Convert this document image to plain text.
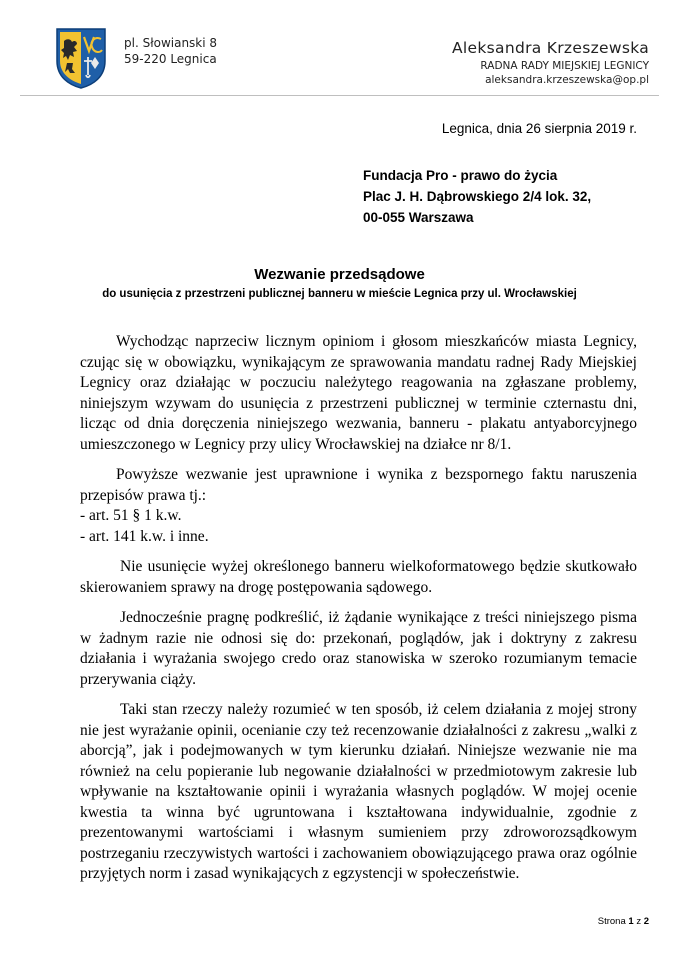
pl. Słowianski 8
59-220 Legnica
Aleksandra Krzeszewska
RADNA RADY MIEJSKIEJ LEGNICY
aleksandra.krzeszewska@op.pl
Legnica, dnia 26 sierpnia 2019 r.
Fundacja Pro - prawo do życia
Plac J. H. Dąbrowskiego 2/4 lok. 32,
00-055 Warszawa
Wezwanie przedsądowe
do usunięcia z przestrzeni publicznej banneru w mieście Legnica przy ul. Wrocławskiej

Wychodząc naprzeciw licznym opiniom i głosom mieszkańców miasta Legnicy, czując się w obowiązku, wynikającym ze sprawowania mandatu radnej Rady Miejskiej Legnicy oraz działając w poczuciu należytego reagowania na zgłaszane problemy, niniejszym wzywam do usunięcia z przestrzeni publicznej w terminie czternastu dni, licząc od dnia doręczenia niniejszego wezwania, banneru - plakatu antyaborcyjnego umieszczonego w Legnicy przy ulicy Wrocławskiej na działce nr 8/1.

Powyższe wezwanie jest uprawnione i wynika z bezspornego faktu naruszenia przepisów prawa tj.:

- art. 51 § 1 k.w.
- art. 141 k.w. i inne.

Nie usunięcie wyżej określonego banneru wielkoformatowego będzie skutkowało skierowaniem sprawy na drogę postępowania sądowego.

Jednocześnie pragnę podkreślić, iż żądanie wynikające z treści niniejszego pisma w żadnym razie nie odnosi się do: przekonań, poglądów, jak i doktryny z zakresu działania i wyrażania swojego credo oraz stanowiska w szeroko rozumianym temacie przerywania ciąży.

Taki stan rzeczy należy rozumieć w ten sposób, iż celem działania z mojej strony nie jest wyrażanie opinii, ocenianie czy też recenzowanie działalności z zakresu „walki z aborcją”, jak i podejmowanych w tym kierunku działań. Niniejsze wezwanie nie ma również na celu popieranie lub negowanie działalności w przedmiotowym zakresie lub wpływanie na kształtowanie opinii i wyrażania własnych poglądów. W mojej ocenie kwestia ta winna być ugruntowana i kształtowana indywidualnie, zgodnie z prezentowanymi wartościami i własnym sumieniem przy zdroworozsądkowym postrzeganiu rzeczywistych wartości i zachowaniem obowiązującego prawa oraz ogólnie przyjętych norm i zasad wynikających z egzystencji w społeczeństwie.

Strona 1 z 2
